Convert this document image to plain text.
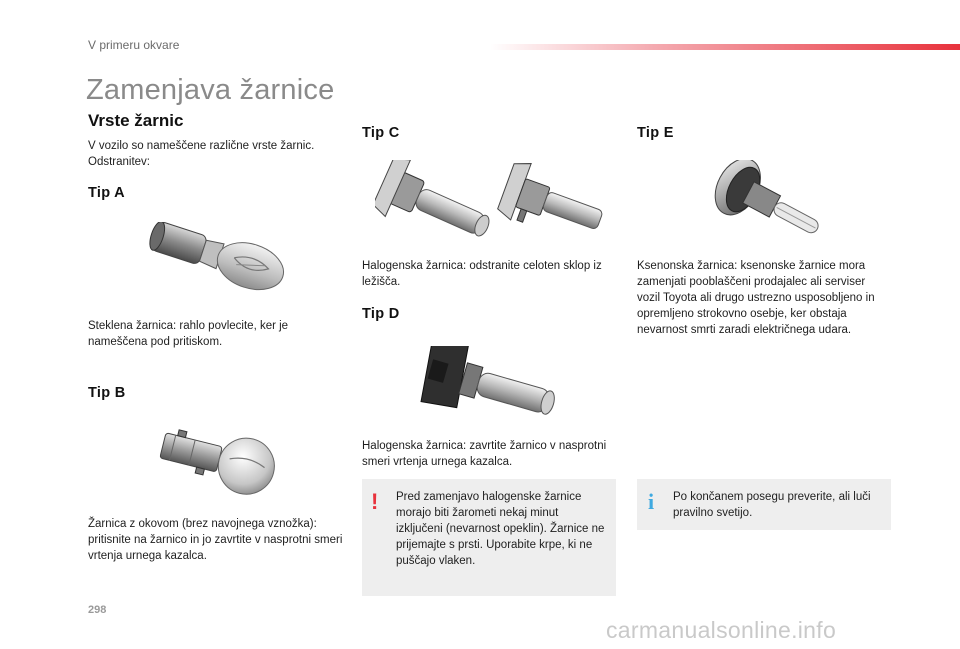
V primeru okvare
Zamenjava žarnice
Vrste žarnic
V vozilo so nameščene različne vrste žarnic. Odstranitev:
Tip A
Steklena žarnica: rahlo povlecite, ker je nameščena pod pritiskom.
Tip B
Žarnica z okovom (brez navojnega vznožka): pritisnite na žarnico in jo zavrtite v nasprotni smeri vrtenja urnega kazalca.
Tip C
Halogenska žarnica: odstranite celoten sklop iz ležišča.
Tip D
Halogenska žarnica: zavrtite žarnico v nasprotni smeri vrtenja urnega kazalca.
! Pred zamenjavo halogenske žarnice morajo biti žarometi nekaj minut izključeni (nevarnost opeklin). Žarnice ne prijemajte s prsti. Uporabite krpe, ki ne puščajo vlaken.
Tip E
Ksenonska žarnica: ksenonske žarnice mora zamenjati pooblaščeni prodajalec ali serviser vozil Toyota ali drugo ustrezno usposobljeno in opremljeno strokovno osebje, ker obstaja nevarnost smrti zaradi električnega udara.
i Po končanem posegu preverite, ali luči pravilno svetijo.
298
carmanualsonline.info
